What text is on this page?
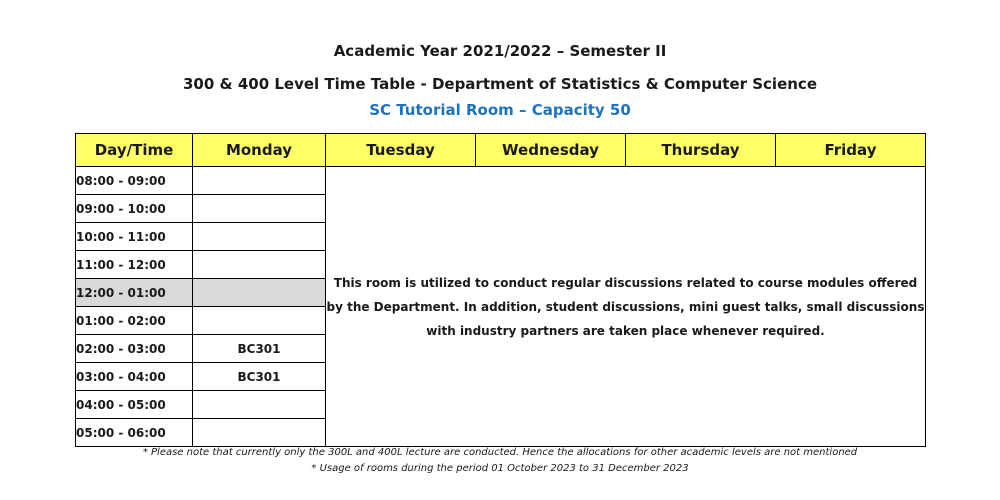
Academic Year 2021/2022 – Semester II
300 & 400 Level Time Table - Department of Statistics & Computer Science
SC Tutorial Room – Capacity 50
Day/Time	Monday	Tuesday	Wednesday	Thursday	Friday
08:00 - 09:00		This room is utilized to conduct regular discussions related to course modules offered by the Department. In addition, student discussions, mini guest talks, small discussions with industry partners are taken place whenever required.			
09:00 - 10:00					
10:00 - 11:00					
11:00 - 12:00					
12:00 - 01:00					
01:00 - 02:00					
02:00 - 03:00	BC301				
03:00 - 04:00	BC301				
04:00 - 05:00					
05:00 - 06:00					
* Please note that currently only the 300L and 400L lecture are conducted. Hence the allocations for other academic levels are not mentioned
* Usage of rooms during the period 01 October 2023 to 31 December 2023
